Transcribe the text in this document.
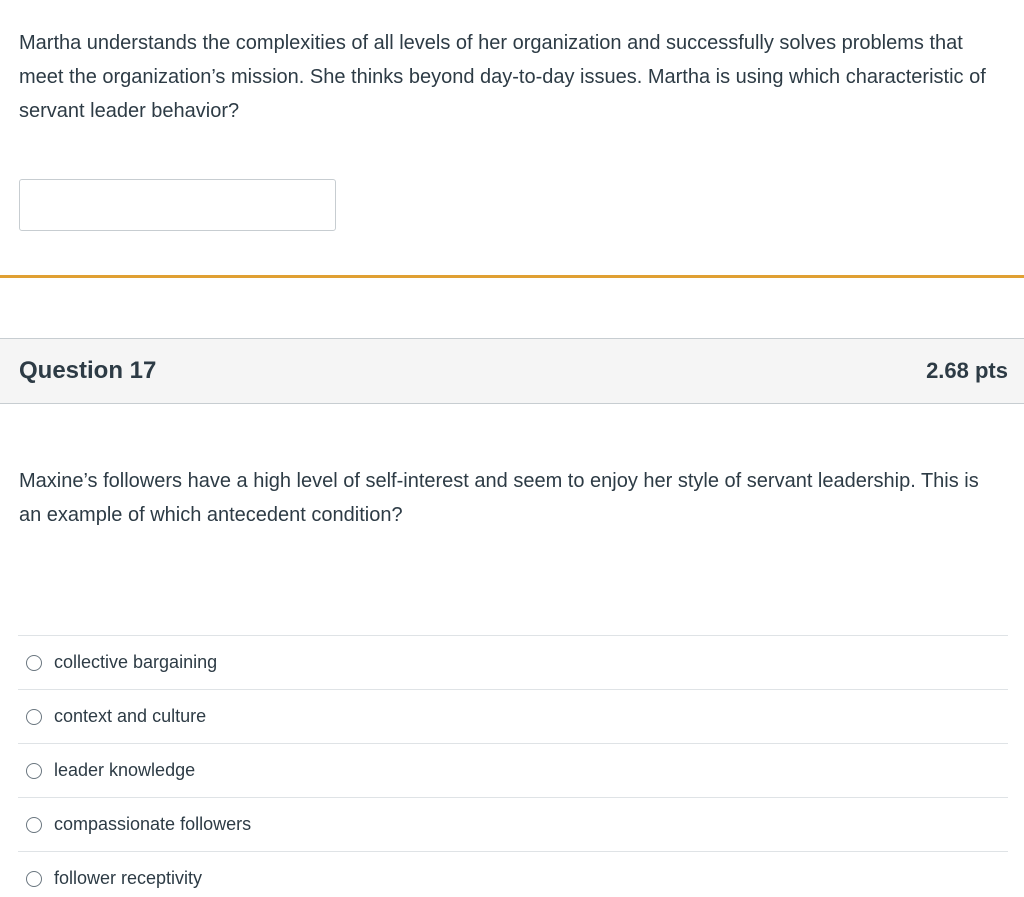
Martha understands the complexities of all levels of her organization and successfully solves problems that meet the organization’s mission. She thinks beyond day-to-day issues. Martha is using which characteristic of servant leader behavior?

Question 17	2.68 pts

Maxine’s followers have a high level of self-interest and seem to enjoy her style of servant leadership. This is an example of which antecedent condition?

collective bargaining
context and culture
leader knowledge
compassionate followers
follower receptivity
